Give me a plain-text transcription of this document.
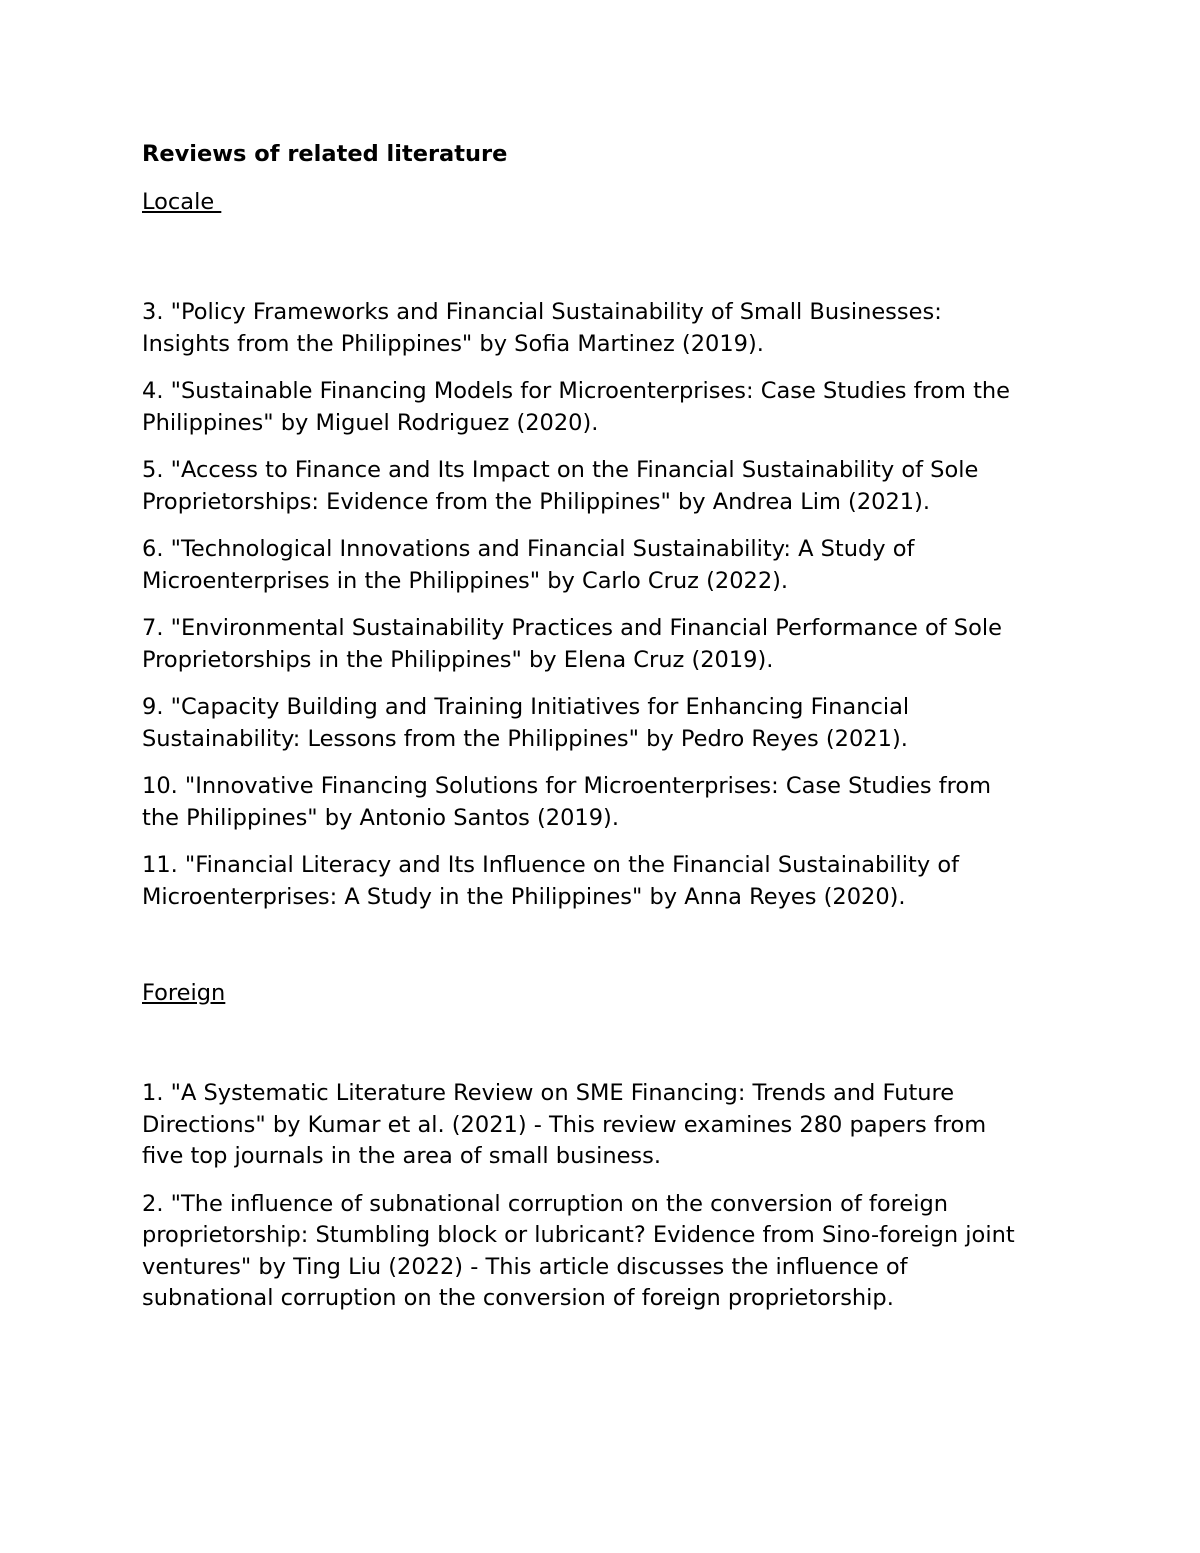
Reviews of related literature
Locale

3. "Policy Frameworks and Financial Sustainability of Small Businesses:
Insights from the Philippines" by Sofia Martinez (2019).

4. "Sustainable Financing Models for Microenterprises: Case Studies from the
Philippines" by Miguel Rodriguez (2020).

5. "Access to Finance and Its Impact on the Financial Sustainability of Sole
Proprietorships: Evidence from the Philippines" by Andrea Lim (2021).

6. "Technological Innovations and Financial Sustainability: A Study of
Microenterprises in the Philippines" by Carlo Cruz (2022).

7. "Environmental Sustainability Practices and Financial Performance of Sole
Proprietorships in the Philippines" by Elena Cruz (2019).

9. "Capacity Building and Training Initiatives for Enhancing Financial
Sustainability: Lessons from the Philippines" by Pedro Reyes (2021).

10. "Innovative Financing Solutions for Microenterprises: Case Studies from
the Philippines" by Antonio Santos (2019).

11. "Financial Literacy and Its Influence on the Financial Sustainability of
Microenterprises: A Study in the Philippines" by Anna Reyes (2020).

Foreign

1. "A Systematic Literature Review on SME Financing: Trends and Future
Directions" by Kumar et al. (2021) - This review examines 280 papers from
five top journals in the area of small business.

2. "The influence of subnational corruption on the conversion of foreign
proprietorship: Stumbling block or lubricant? Evidence from Sino-foreign joint
ventures" by Ting Liu (2022) - This article discusses the influence of
subnational corruption on the conversion of foreign proprietorship.
